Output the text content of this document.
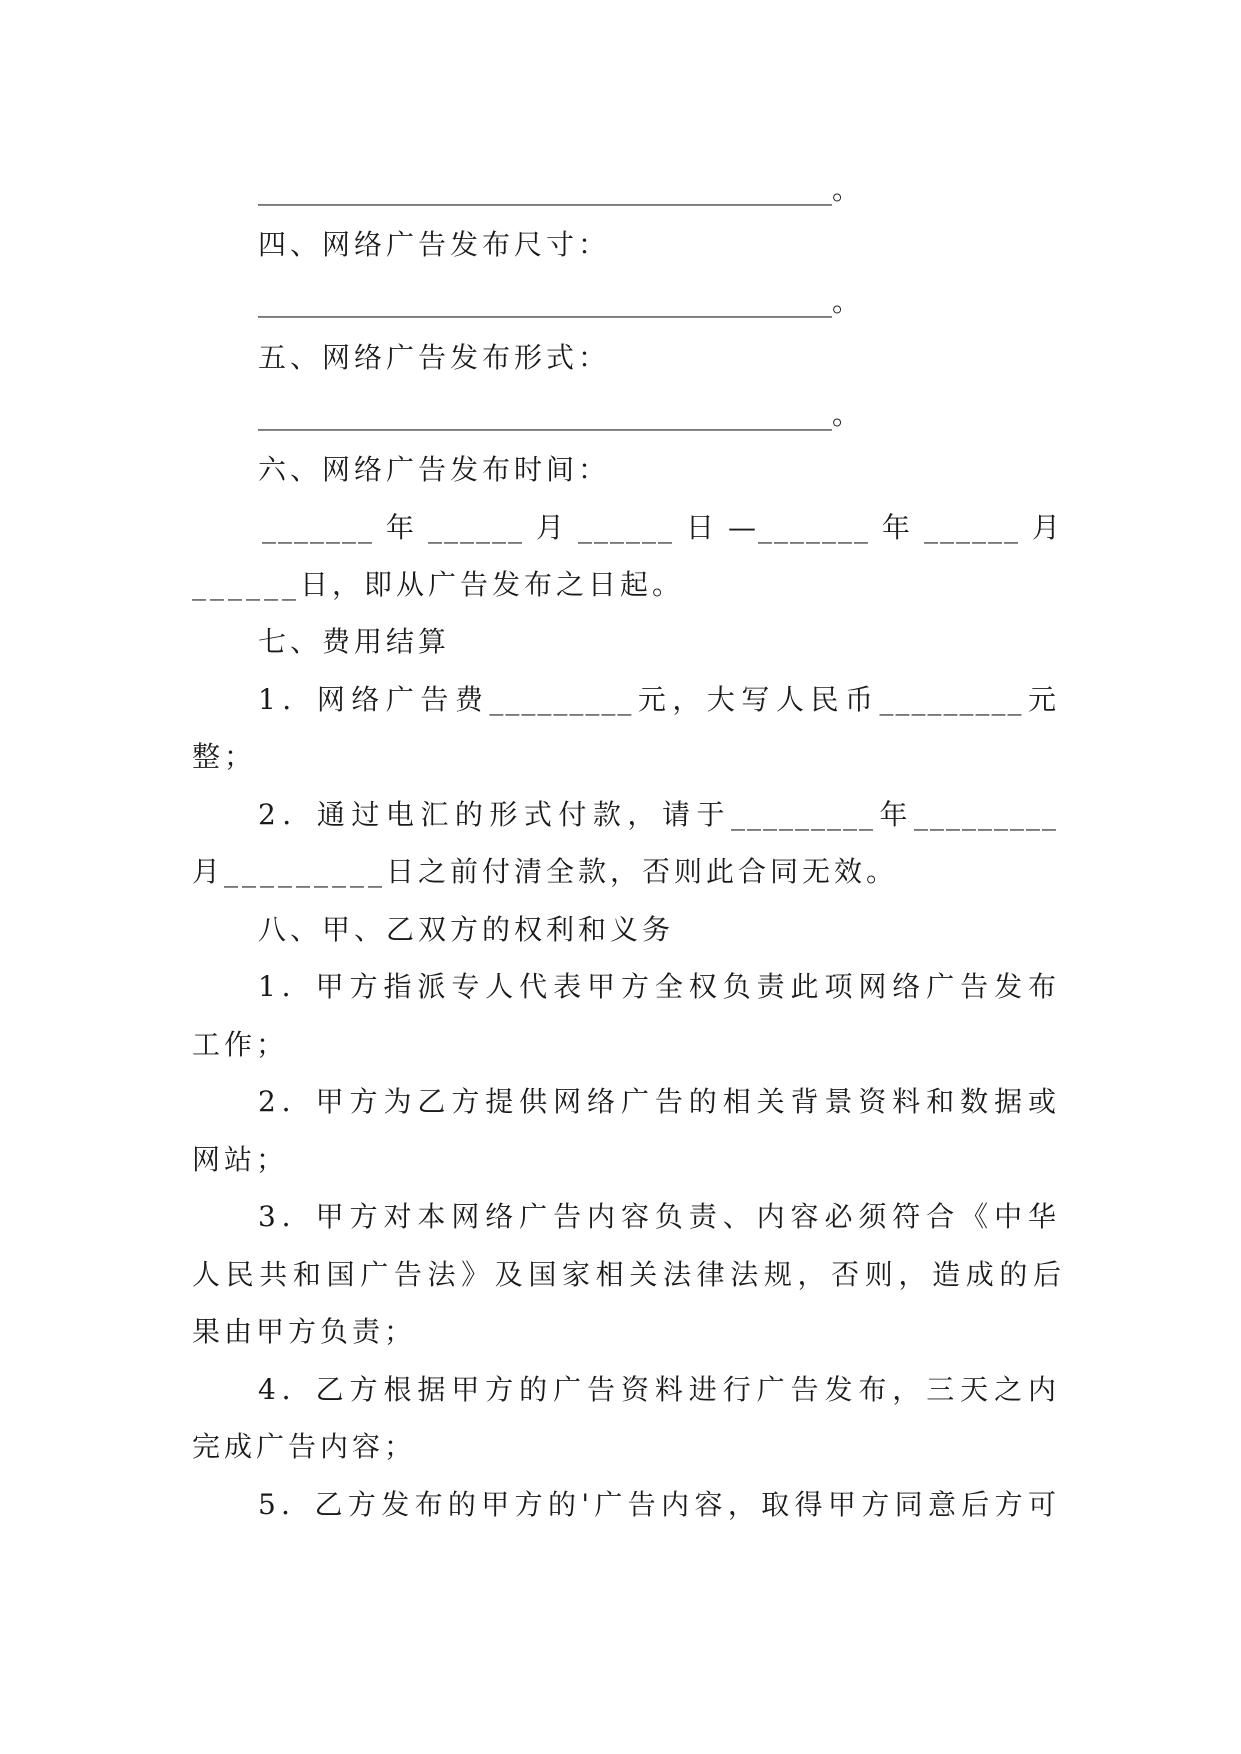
_________________________________________。
四、网络广告发布尺寸：
_________________________________________。
五、网络广告发布形式：
_________________________________________。
六、网络广告发布时间：
_______年______月______日—_______年______月
______日，即从广告发布之日起。
七、费用结算
1．网络广告费_________元，大写人民币_________元
整；
2．通过电汇的形式付款，请于_________年_________
月_________日之前付清全款，否则此合同无效。
八、甲、乙双方的权利和义务
1．甲方指派专人代表甲方全权负责此项网络广告发布
工作；
2．甲方为乙方提供网络广告的相关背景资料和数据或
网站；
3．甲方对本网络广告内容负责、内容必须符合《中华
人民共和国广告法》及国家相关法律法规，否则，造成的后
果由甲方负责；
4．乙方根据甲方的广告资料进行广告发布，三天之内
完成广告内容；
5．乙方发布的甲方的'广告内容，取得甲方同意后方可
